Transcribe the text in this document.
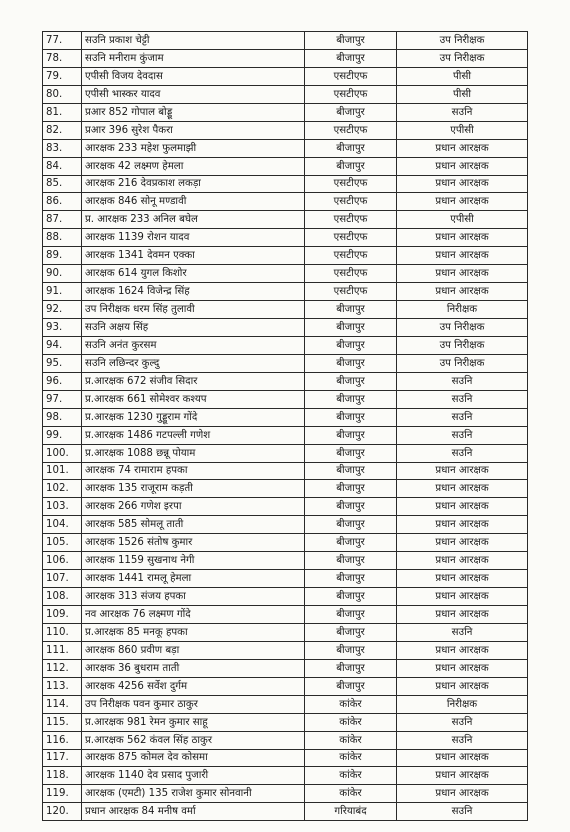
77.	सउनि प्रकाश चेट्टी	बीजापुर	उप निरीक्षक
78.	सउनि मनीराम कुंजाम	बीजापुर	उप निरीक्षक
79.	एपीसी विजय देवदास	एसटीएफ	पीसी
80.	एपीसी भास्कर यादव	एसटीएफ	पीसी
81.	प्रआर 852 गोपाल बोड्डू	बीजापुर	सउनि
82.	प्रआर 396 सुरेश पैकरा	एसटीएफ	एपीसी
83.	आरक्षक 233 महेश फुलमाझी	बीजापुर	प्रधान आरक्षक
84.	आरक्षक 42 लक्ष्मण हेमला	बीजापुर	प्रधान आरक्षक
85.	आरक्षक 216 देवप्रकाश लकड़ा	एसटीएफ	प्रधान आरक्षक
86.	आरक्षक 846 सोनू मण्डावी	एसटीएफ	प्रधान आरक्षक
87.	प्र. आरक्षक 233 अनिल बघेल	एसटीएफ	एपीसी
88.	आरक्षक 1139 रोशन यादव	एसटीएफ	प्रधान आरक्षक
89.	आरक्षक 1341 देवमन एक्का	एसटीएफ	प्रधान आरक्षक
90.	आरक्षक 614 युगल किशोर	एसटीएफ	प्रधान आरक्षक
91.	आरक्षक 1624 विजेन्द्र सिंह	एसटीएफ	प्रधान आरक्षक
92.	उप निरीक्षक धरम सिंह तुलावी	बीजापुर	निरीक्षक
93.	सउनि अक्षय सिंह	बीजापुर	उप निरीक्षक
94.	सउनि अनंत कुरसम	बीजापुर	उप निरीक्षक
95.	सउनि लछिन्दर कुल्दु	बीजापुर	उप निरीक्षक
96.	प्र.आरक्षक 672 संजीव सिदार	बीजापुर	सउनि
97.	प्र.आरक्षक 661 सोमेश्वर कश्यप	बीजापुर	सउनि
98.	प्र.आरक्षक 1230 गुड्डूराम गोंदे	बीजापुर	सउनि
99.	प्र.आरक्षक 1486 गटपल्ली गणेश	बीजापुर	सउनि
100.	प्र.आरक्षक 1088 छन्नू पोयाम	बीजापुर	सउनि
101.	आरक्षक 74 रामाराम हपका	बीजापुर	प्रधान आरक्षक
102.	आरक्षक 135 राजूराम कड़ती	बीजापुर	प्रधान आरक्षक
103.	आरक्षक 266 गणेश इरपा	बीजापुर	प्रधान आरक्षक
104.	आरक्षक 585 सोमलू ताती	बीजापुर	प्रधान आरक्षक
105.	आरक्षक 1526 संतोष कुमार	बीजापुर	प्रधान आरक्षक
106.	आरक्षक 1159 सुखनाथ नेगी	बीजापुर	प्रधान आरक्षक
107.	आरक्षक 1441 रामलू हेमला	बीजापुर	प्रधान आरक्षक
108.	आरक्षक 313 संजय हपका	बीजापुर	प्रधान आरक्षक
109.	नव आरक्षक 76 लक्ष्मण गोंदे	बीजापुर	प्रधान आरक्षक
110.	प्र.आरक्षक 85 मनकू हपका	बीजापुर	सउनि
111.	आरक्षक 860 प्रवीण बड़ा	बीजापुर	प्रधान आरक्षक
112.	आरक्षक 36 बुधराम ताती	बीजापुर	प्रधान आरक्षक
113.	आरक्षक 4256 सर्वेश दुर्गम	बीजापुर	प्रधान आरक्षक
114.	उप निरीक्षक पवन कुमार ठाकुर	कांकेर	निरीक्षक
115.	प्र.आरक्षक 981 रेमन कुमार साहू	कांकेर	सउनि
116.	प्र.आरक्षक 562 कंवल सिंह ठाकुर	कांकेर	सउनि
117.	आरक्षक 875 कोमल देव कोसमा	कांकेर	प्रधान आरक्षक
118.	आरक्षक 1140 देव प्रसाद पुजारी	कांकेर	प्रधान आरक्षक
119.	आरक्षक (एमटी) 135 राजेश कुमार सोनवानी	कांकेर	प्रधान आरक्षक
120.	प्रधान आरक्षक 84 मनीष वर्मा	गरियाबंद	सउनि
